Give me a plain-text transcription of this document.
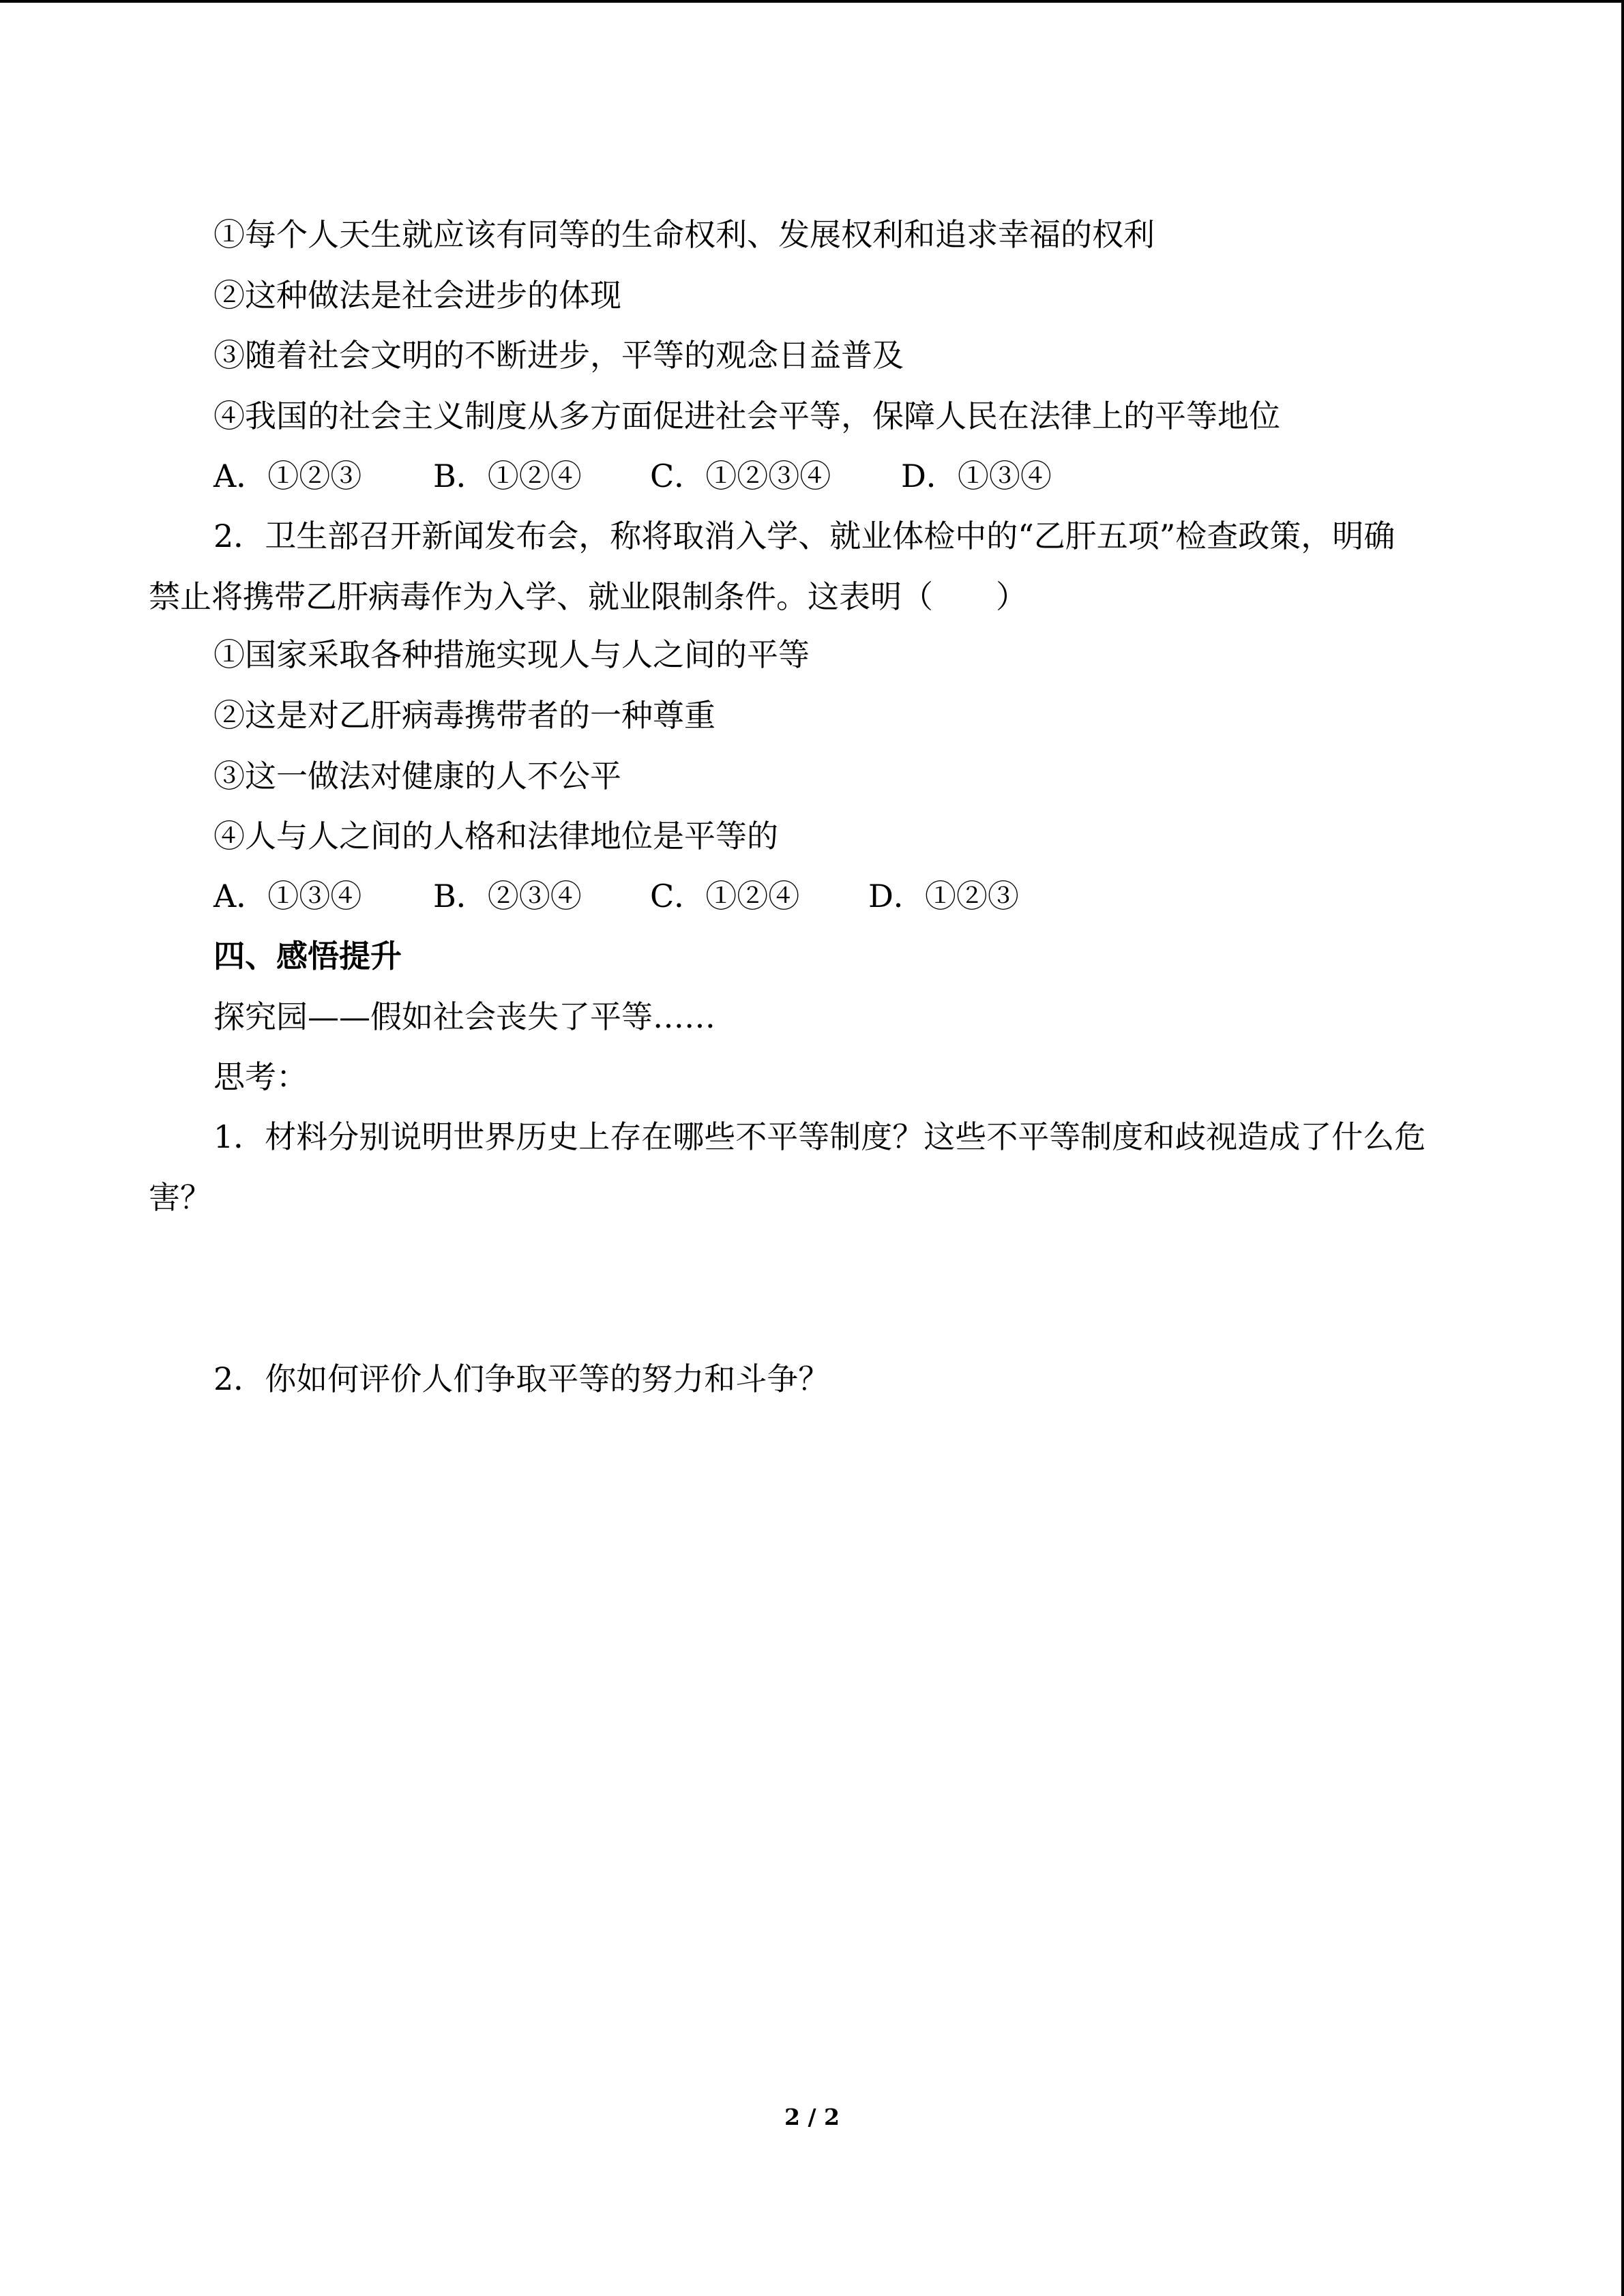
①每个人天生就应该有同等的生命权利、发展权利和追求幸福的权利
②这种做法是社会进步的体现
③随着社会文明的不断进步，平等的观念日益普及
④我国的社会主义制度从多方面促进社会平等，保障人民在法律上的平等地位
A．①②③ B．①②④ C．①②③④ D．①③④
2．卫生部召开新闻发布会，称将取消入学、就业体检中的“乙肝五项”检查政策，明确
禁止将携带乙肝病毒作为入学、就业限制条件。这表明（　　）
①国家采取各种措施实现人与人之间的平等
②这是对乙肝病毒携带者的一种尊重
③这一做法对健康的人不公平
④人与人之间的人格和法律地位是平等的
A．①③④ B．②③④ C．①②④ D．①②③
四、感悟提升
探究园——假如社会丧失了平等……
思考：
1．材料分别说明世界历史上存在哪些不平等制度？这些不平等制度和歧视造成了什么危
害？
2．你如何评价人们争取平等的努力和斗争？
2 / 2
